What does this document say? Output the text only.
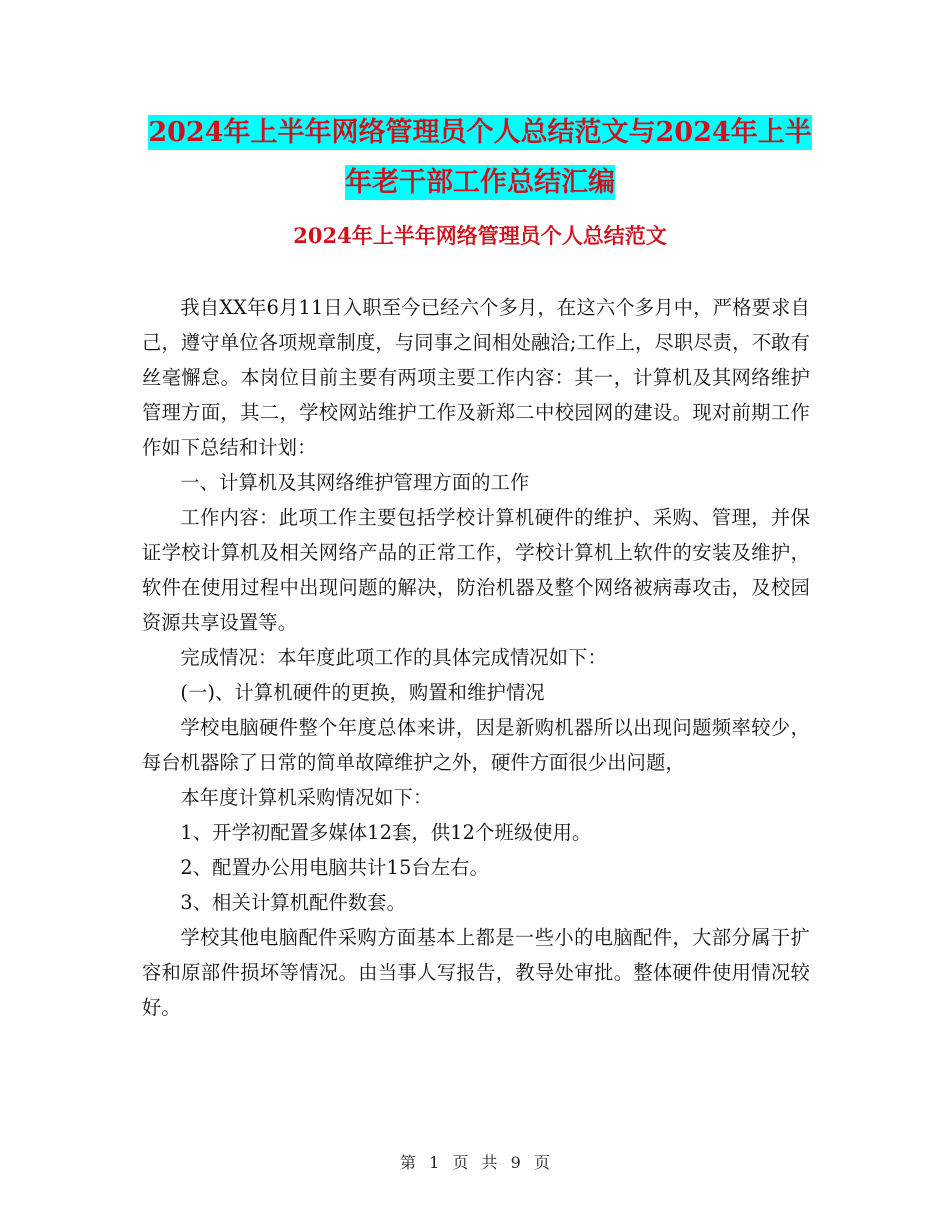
2024年上半年网络管理员个人总结范文与2024年上半年老干部工作总结汇编
2024年上半年网络管理员个人总结范文

我自XX年6月11日入职至今已经六个多月，在这六个多月中，严格要求自己，遵守单位各项规章制度，与同事之间相处融洽;工作上，尽职尽责，不敢有丝毫懈怠。本岗位目前主要有两项主要工作内容：其一，计算机及其网络维护管理方面，其二，学校网站维护工作及新郑二中校园网的建设。现对前期工作作如下总结和计划：

一、计算机及其网络维护管理方面的工作

工作内容：此项工作主要包括学校计算机硬件的维护、采购、管理，并保证学校计算机及相关网络产品的正常工作，学校计算机上软件的安装及维护，软件在使用过程中出现问题的解决，防治机器及整个网络被病毒攻击，及校园资源共享设置等。

完成情况：本年度此项工作的具体完成情况如下：

(一)、计算机硬件的更换，购置和维护情况

学校电脑硬件整个年度总体来讲，因是新购机器所以出现问题频率较少，每台机器除了日常的简单故障维护之外，硬件方面很少出问题，

本年度计算机采购情况如下：

1、开学初配置多媒体12套，供12个班级使用。

2、配置办公用电脑共计15台左右。

3、相关计算机配件数套。

学校其他电脑配件采购方面基本上都是一些小的电脑配件，大部分属于扩容和原部件损坏等情况。由当事人写报告，教导处审批。整体硬件使用情况较好。

第 1 页 共 9 页
